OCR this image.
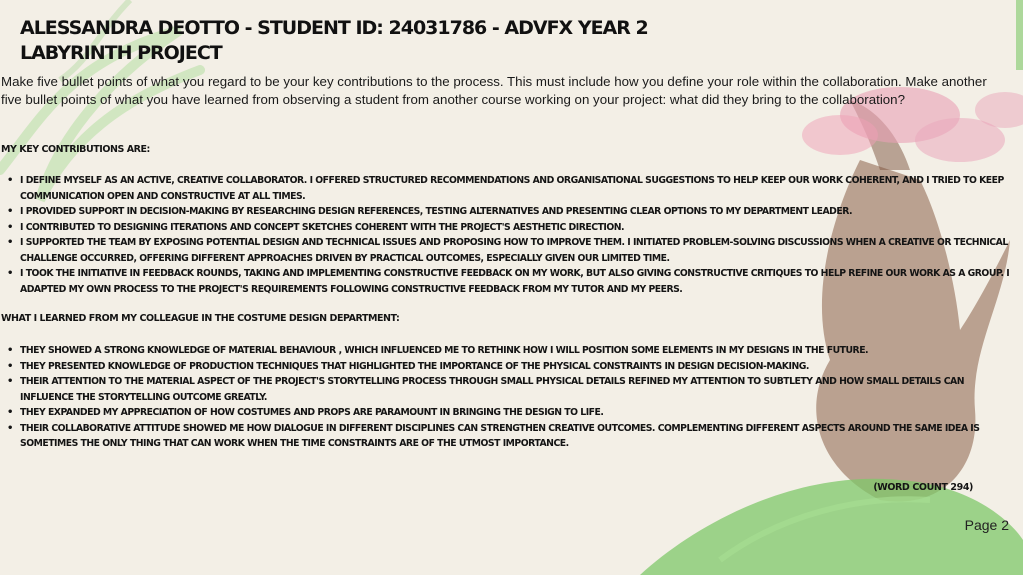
ALESSANDRA DEOTTO - STUDENT ID: 24031786 - ADVFX YEAR 2
LABYRINTH PROJECT

Make five bullet points of what you regard to be your key contributions to the process. This must include how you define your role within the collaboration. Make another five bullet points of what you have learned from observing a student from another course working on your project: what did they bring to the collaboration?

MY KEY CONTRIBUTIONS ARE:
• I DEFINE MYSELF AS AN ACTIVE, CREATIVE COLLABORATOR. I OFFERED STRUCTURED RECOMMENDATIONS AND ORGANISATIONAL SUGGESTIONS TO HELP KEEP OUR WORK COHERENT, AND I TRIED TO KEEP COMMUNICATION OPEN AND CONSTRUCTIVE AT ALL TIMES.
• I PROVIDED SUPPORT IN DECISION-MAKING BY RESEARCHING DESIGN REFERENCES, TESTING ALTERNATIVES AND PRESENTING CLEAR OPTIONS TO MY DEPARTMENT LEADER.
• I CONTRIBUTED TO DESIGNING ITERATIONS AND CONCEPT SKETCHES COHERENT WITH THE PROJECT'S AESTHETIC DIRECTION.
• I SUPPORTED THE TEAM BY EXPOSING POTENTIAL DESIGN AND TECHNICAL ISSUES AND PROPOSING HOW TO IMPROVE THEM. I INITIATED PROBLEM-SOLVING DISCUSSIONS WHEN A CREATIVE OR TECHNICAL CHALLENGE OCCURRED, OFFERING DIFFERENT APPROACHES DRIVEN BY PRACTICAL OUTCOMES, ESPECIALLY GIVEN OUR LIMITED TIME.
• I TOOK THE INITIATIVE IN FEEDBACK ROUNDS, TAKING AND IMPLEMENTING CONSTRUCTIVE FEEDBACK ON MY WORK, BUT ALSO GIVING CONSTRUCTIVE CRITIQUES TO HELP REFINE OUR WORK AS A GROUP. I ADAPTED MY OWN PROCESS TO THE PROJECT'S REQUIREMENTS FOLLOWING CONSTRUCTIVE FEEDBACK FROM MY TUTOR AND MY PEERS.
WHAT I LEARNED FROM MY COLLEAGUE IN THE COSTUME DESIGN DEPARTMENT:
• THEY SHOWED A STRONG KNOWLEDGE OF MATERIAL BEHAVIOUR , WHICH INFLUENCED ME TO RETHINK HOW I WILL POSITION SOME ELEMENTS IN MY DESIGNS IN THE FUTURE.
• THEY PRESENTED KNOWLEDGE OF PRODUCTION TECHNIQUES THAT HIGHLIGHTED THE IMPORTANCE OF THE PHYSICAL CONSTRAINTS IN DESIGN DECISION-MAKING.
• THEIR ATTENTION TO THE MATERIAL ASPECT OF THE PROJECT'S STORYTELLING PROCESS THROUGH SMALL PHYSICAL DETAILS REFINED MY ATTENTION TO SUBTLETY AND HOW SMALL DETAILS CAN INFLUENCE THE STORYTELLING OUTCOME GREATLY.
• THEY EXPANDED MY APPRECIATION OF HOW COSTUMES AND PROPS ARE PARAMOUNT IN BRINGING THE DESIGN TO LIFE.
• THEIR COLLABORATIVE ATTITUDE SHOWED ME HOW DIALOGUE IN DIFFERENT DISCIPLINES CAN STRENGTHEN CREATIVE OUTCOMES. COMPLEMENTING DIFFERENT ASPECTS AROUND THE SAME IDEA IS SOMETIMES THE ONLY THING THAT CAN WORK WHEN THE TIME CONSTRAINTS ARE OF THE UTMOST IMPORTANCE.
(WORD COUNT 294)
Page 2
